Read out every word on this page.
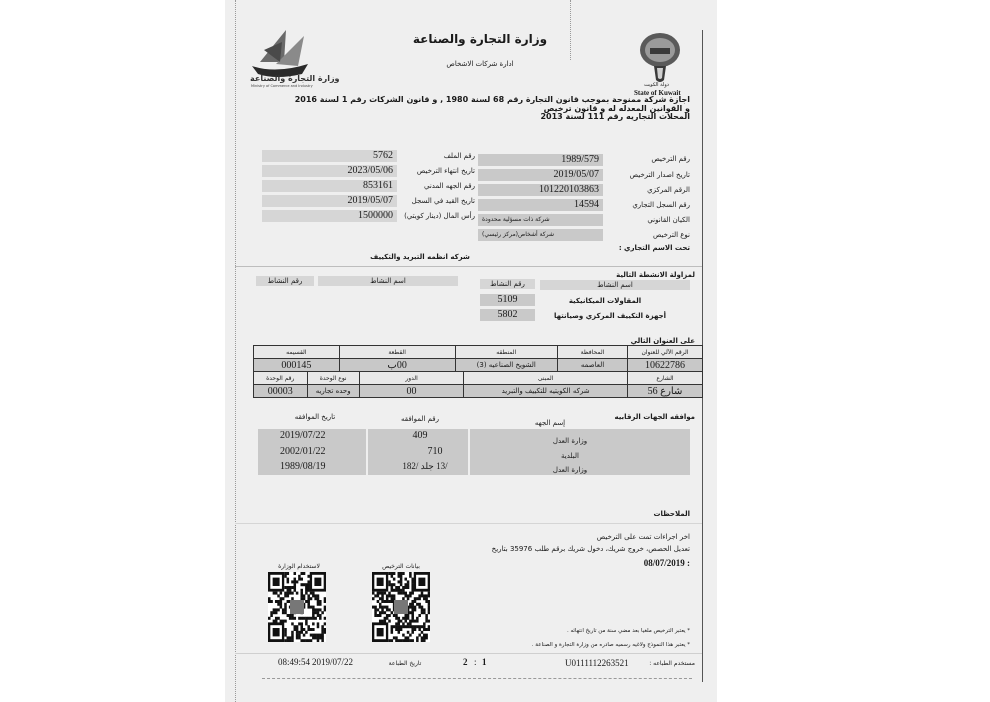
وزارة التجارة والصناعة
Ministry of Commerce and Industry	دولة الكويت
State of Kuwait
وزارة التجارة والصناعة
ادارة شركات الاشخاص
اجازة شركة ممنوحة بموجب قانون التجارة رقم 68 لسنة 1980 , و قانون الشركات رقم 1 لسنة 2016 و القوانين المعدله له و قانون ترخيص
المحلات التجاريه رقم 111 لسنة 2013
رقم الترخيص
1989/579
تاريخ اصدار الترخيص
2019/05/07
الرقم المركزي
101220103863
رقم السجل التجاري
14594
الكيان القانوني
شركة ذات مسؤلية محدودة
نوع الترخيص
شركة أشخاص(مركز رئيسي)
تحت الاسم التجاري :
5762	رقم الملف
2023/05/06	تاريخ انتهاء الترخيص
853161	رقم الجهه المدني
2019/05/07	تاريخ القيد في السجل
1500000	رأس المال (دينار كويتي)
شركه انظمه التبريد والتكييف
لمزاولة الانشطة التالية
اسم النشاط
رقم النشاط
اسم النشاط
رقم النشاط
المقاولات الميكانيكية
5109
أجهزة التكييف المركزي وصيانتها
5802
على العنوان التالي
الرقم الآلي للعنوان	المحافظة	المنطقه		القطعة		القسيمه	
10622786	العاصمه	الشويخ الصناعيه (3)		00ب		000145	
الشارع	المبنى		الدور		نوع الوحدة		رقم الوحدة
شارع 56	شركه الكويتيه للتكييف والتبريد		00		وحده تجاريه		00003
موافقه الجهات الرقابيه
إسم الجهه
رقم الموافقه
تاريخ الموافقه
وزارة العدل
409
2019/07/22
البلدية
710
2002/01/22
وزارة العدل
/13 جلد /182
1989/08/19
الملاحظات
اخر اجراءات تمت على الترخيص
تعديل الحصص، خروج شريك، دخول شريك برقم طلب 35976 بتاريخ
08/07/2019 :
لاستخدام الوزارة	بيانات الترخيص
* يعتبر الترخيص ملغيا بعد مضي سنة من تاريخ انتهائه .
* يعتبر هذا النموذج ولاغيه رسميه صادره من وزارة التجارة و الصناعة .
مستخدم الطباعه :
U0111112263521
1
:
2
تاريخ الطباعة
2019/07/22
08:49:54
